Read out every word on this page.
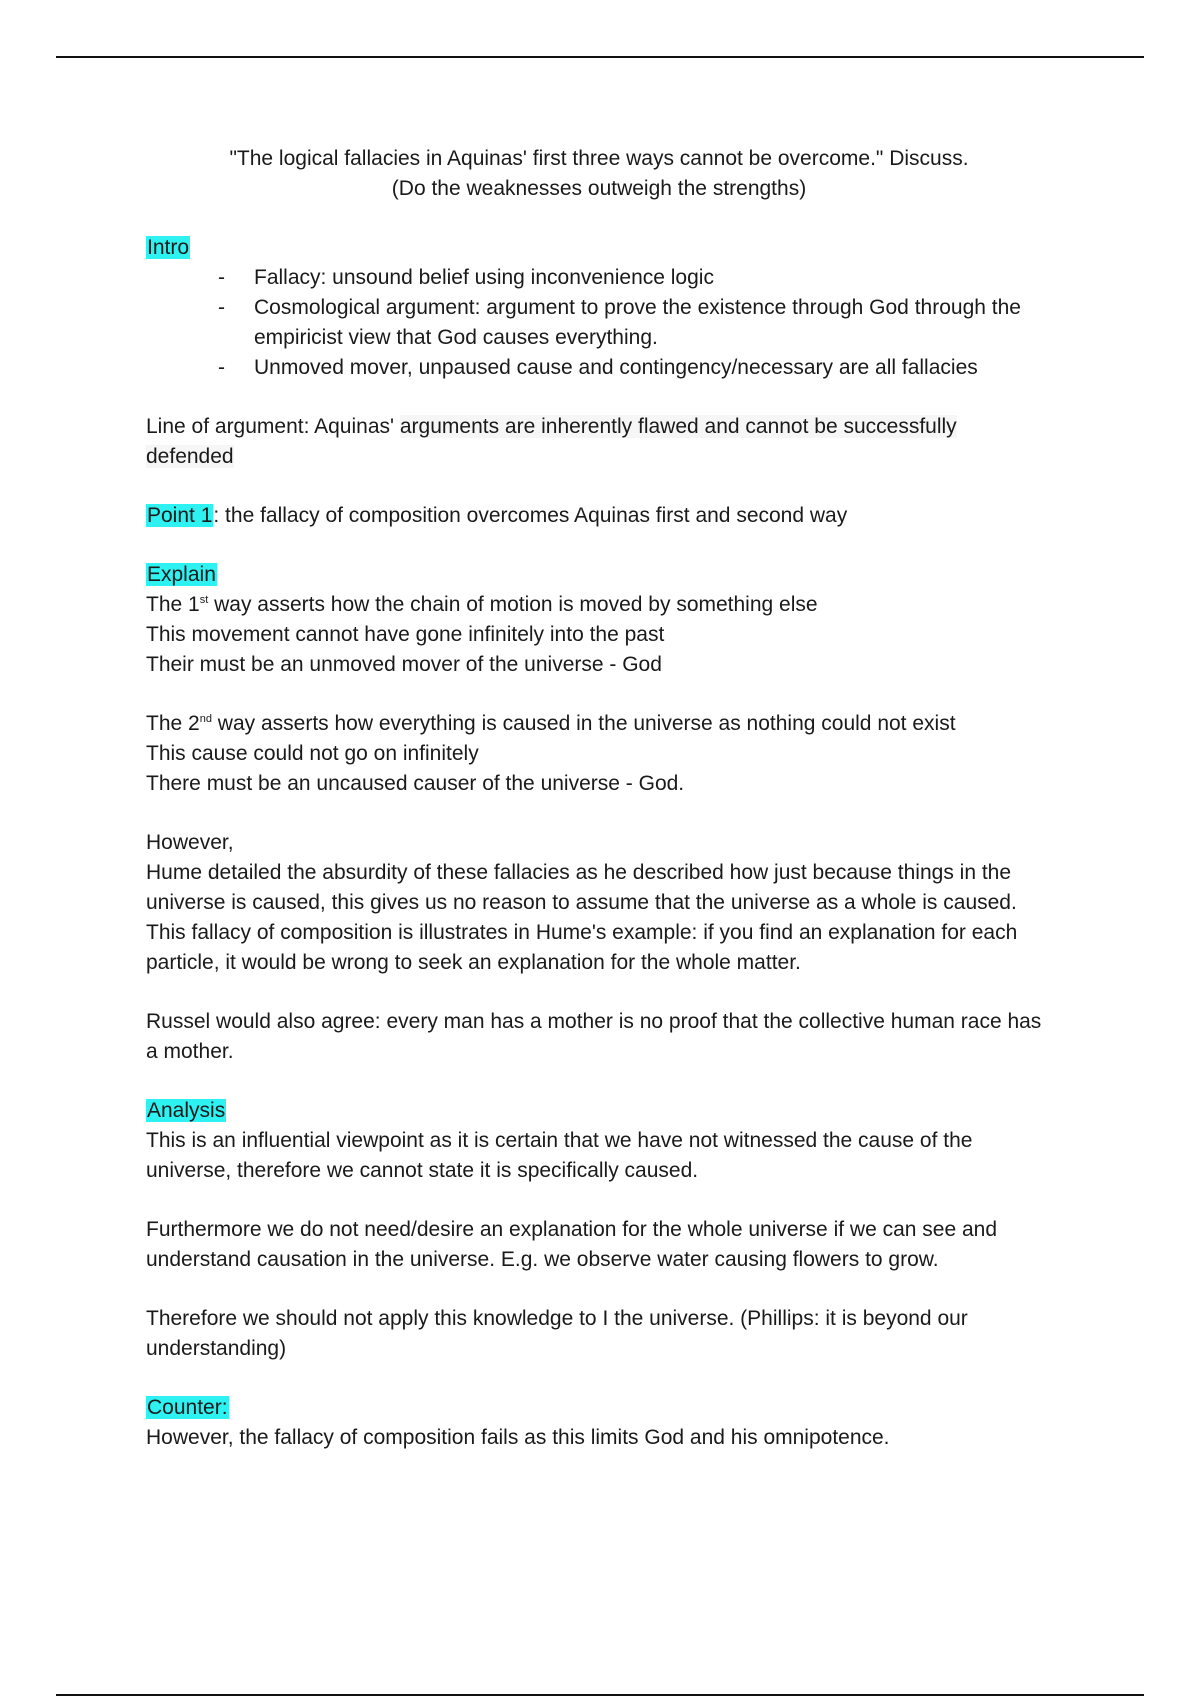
"The logical fallacies in Aquinas' first three ways cannot be overcome." Discuss.

(Do the weaknesses outweigh the strengths)

Intro

- Fallacy: unsound belief using inconvenience logic
- Cosmological argument: argument to prove the existence through God through the empiricist view that God causes everything.
- Unmoved mover, unpaused cause and contingency/necessary are all fallacies

Line of argument: Aquinas' arguments are inherently flawed and cannot be successfully
defended

Point 1: the fallacy of composition overcomes Aquinas first and second way

Explain

The 1st way asserts how the chain of motion is moved by something else

This movement cannot have gone infinitely into the past

Their must be an unmoved mover of the universe - God

The 2nd way asserts how everything is caused in the universe as nothing could not exist

This cause could not go on infinitely

There must be an uncaused causer of the universe - God.

However,

Hume detailed the absurdity of these fallacies as he described how just because things in the universe is caused, this gives us no reason to assume that the universe as a whole is caused. This fallacy of composition is illustrates in Hume's example: if you find an explanation for each particle, it would be wrong to seek an explanation for the whole matter.

Russel would also agree: every man has a mother is no proof that the collective human race has a mother.

Analysis

This is an influential viewpoint as it is certain that we have not witnessed the cause of the universe, therefore we cannot state it is specifically caused.

Furthermore we do not need/desire an explanation for the whole universe if we can see and understand causation in the universe. E.g. we observe water causing flowers to grow.

Therefore we should not apply this knowledge to I the universe. (Phillips: it is beyond our understanding)

Counter:

However, the fallacy of composition fails as this limits God and his omnipotence.
